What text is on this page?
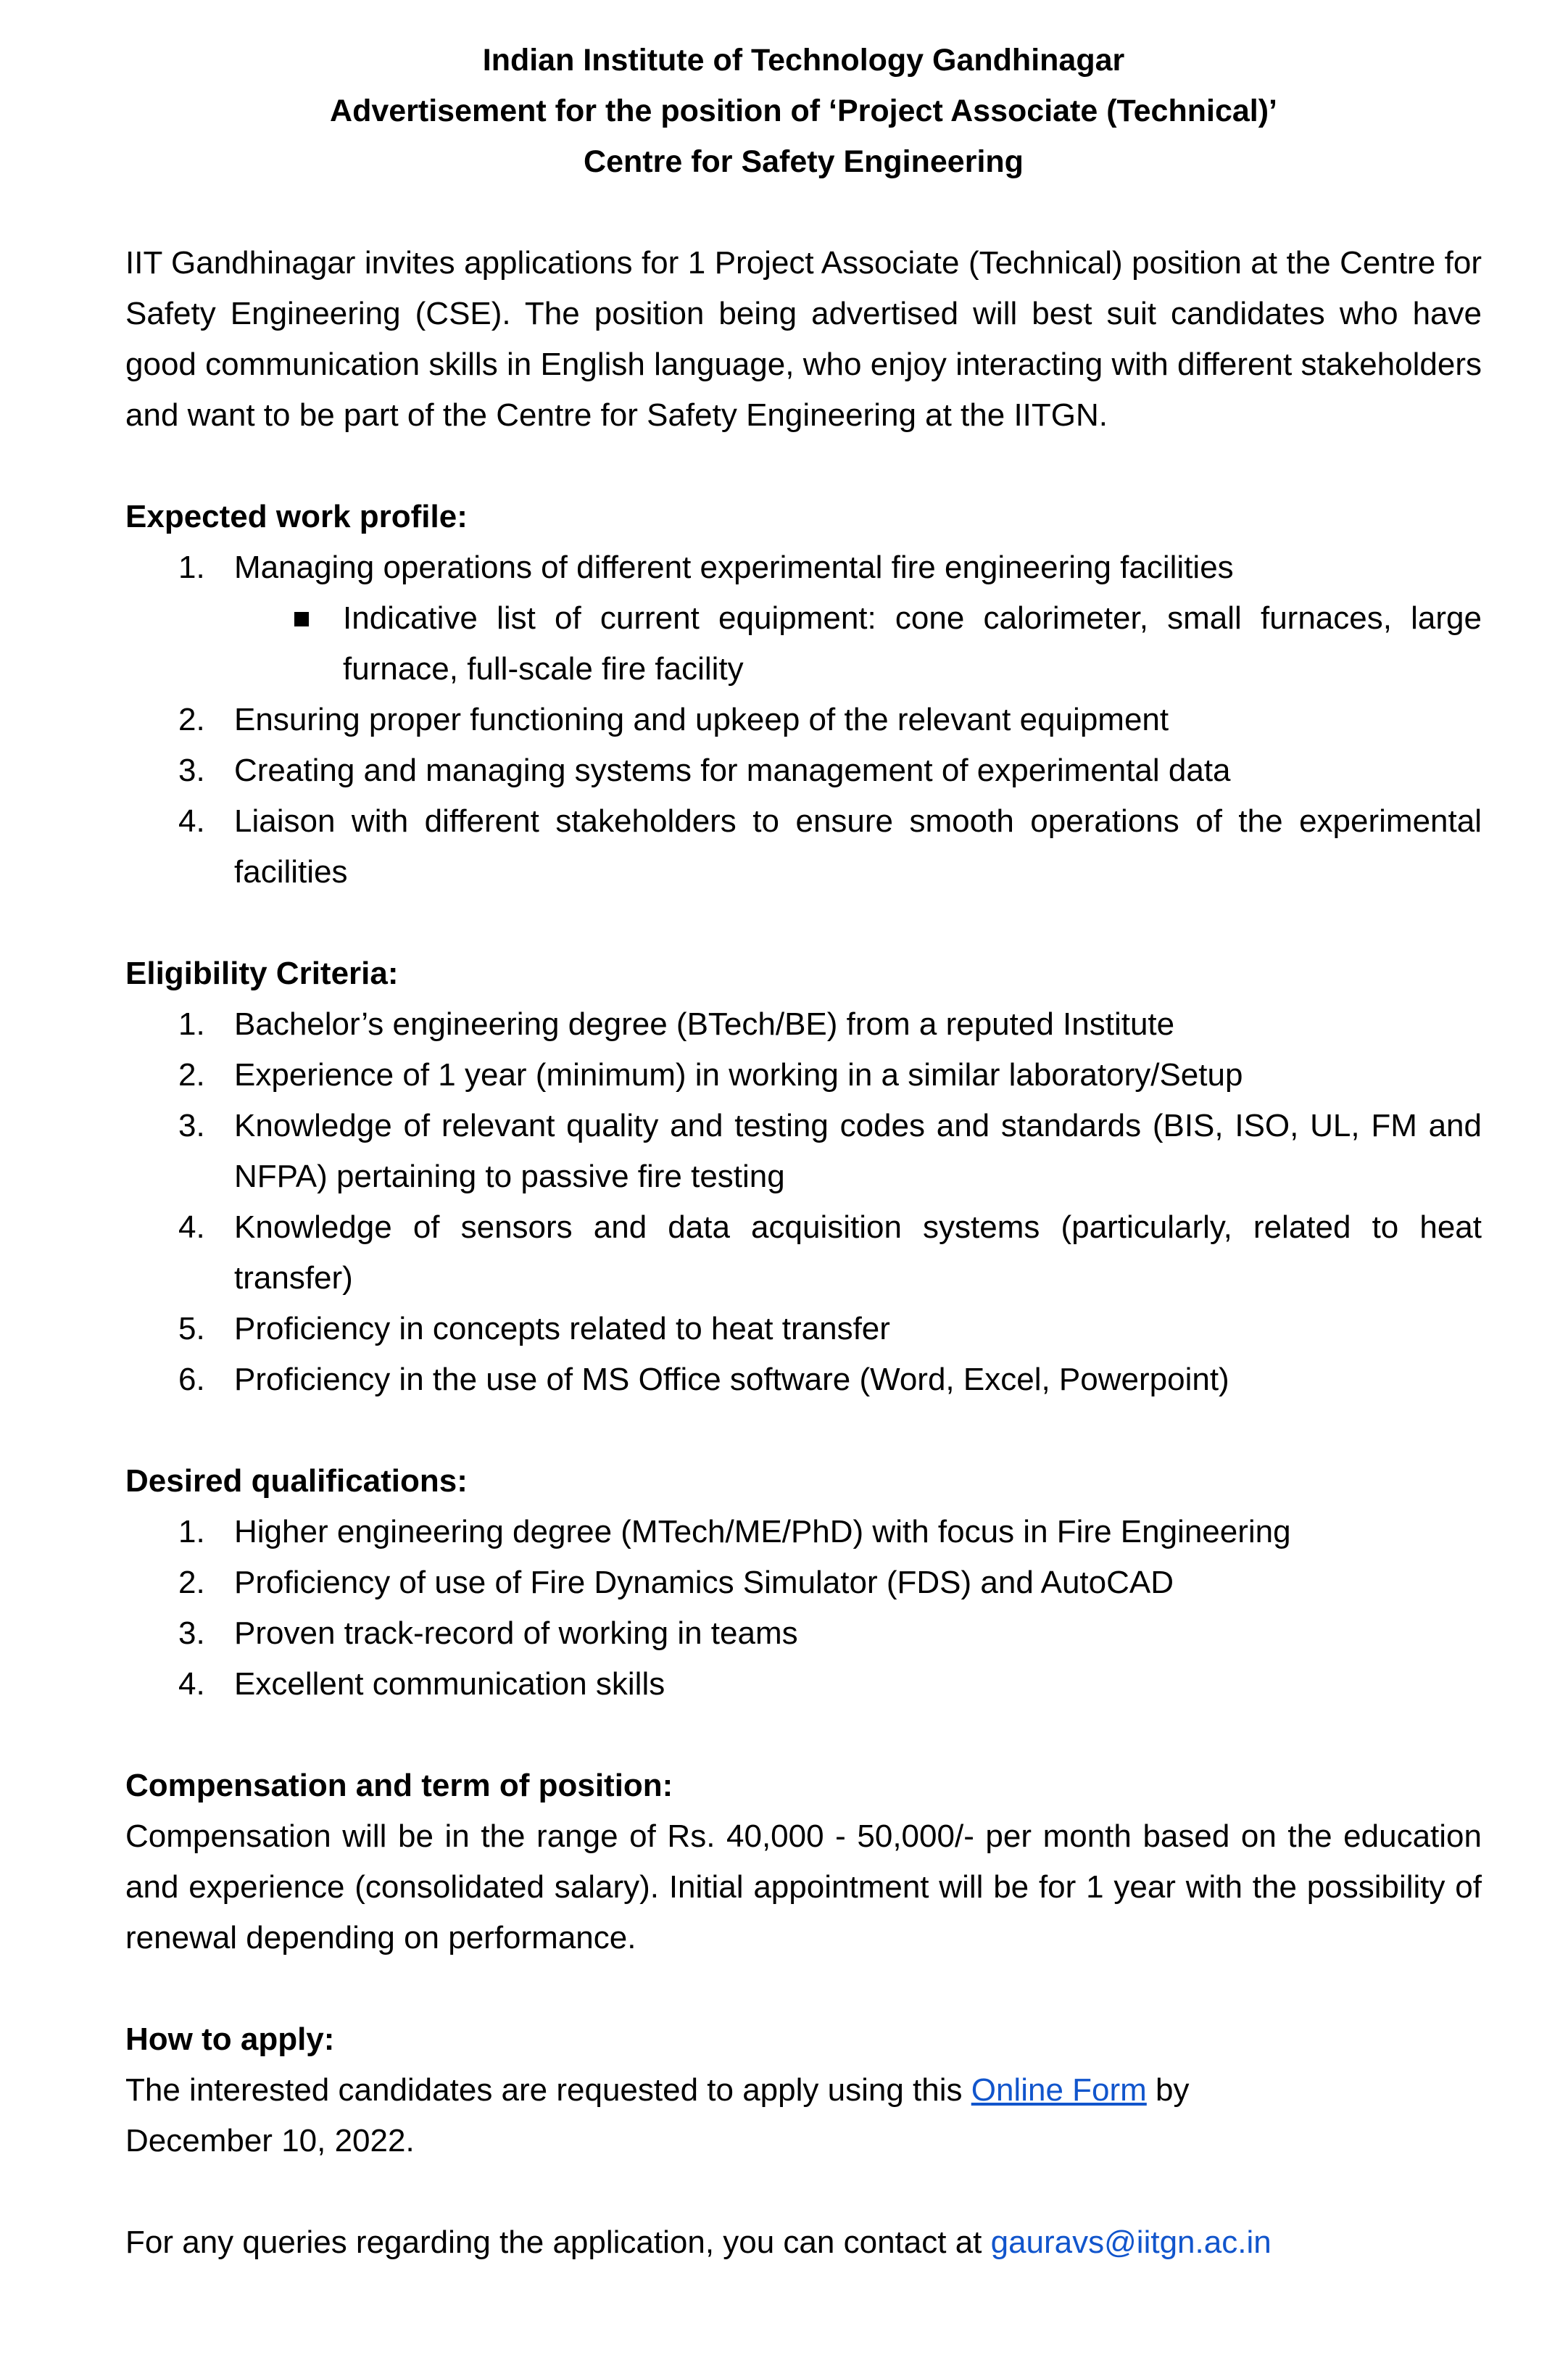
Indian Institute of Technology Gandhinagar
Advertisement for the position of ‘Project Associate (Technical)’
Centre for Safety Engineering

IIT Gandhinagar invites applications for 1 Project Associate (Technical) position at the Centre for Safety Engineering (CSE). The position being advertised will best suit candidates who have good communication skills in English language, who enjoy interacting with different stakeholders and want to be part of the Centre for Safety Engineering at the IITGN.

Expected work profile:

1. Managing operations of different experimental fire engineering facilities
Indicative list of current equipment: cone calorimeter, small furnaces, large furnace, full-scale fire facility
2. Ensuring proper functioning and upkeep of the relevant equipment
3. Creating and managing systems for management of experimental data
4. Liaison with different stakeholders to ensure smooth operations of the experimental facilities

Eligibility Criteria:

1. Bachelor’s engineering degree (BTech/BE) from a reputed Institute
2. Experience of 1 year (minimum) in working in a similar laboratory/Setup
3. Knowledge of relevant quality and testing codes and standards (BIS, ISO, UL, FM and NFPA) pertaining to passive fire testing
4. Knowledge of sensors and data acquisition systems (particularly, related to heat transfer)
5. Proficiency in concepts related to heat transfer
6. Proficiency in the use of MS Office software (Word, Excel, Powerpoint)

Desired qualifications:

1. Higher engineering degree (MTech/ME/PhD) with focus in Fire Engineering
2. Proficiency of use of Fire Dynamics Simulator (FDS) and AutoCAD
3. Proven track-record of working in teams
4. Excellent communication skills

Compensation and term of position:

Compensation will be in the range of Rs. 40,000 - 50,000/- per month based on the education and experience (consolidated salary). Initial appointment will be for 1 year with the possibility of renewal depending on performance.

How to apply:

The interested candidates are requested to apply using this Online Form by

December 10, 2022.

For any queries regarding the application, you can contact at gauravs@iitgn.ac.in
